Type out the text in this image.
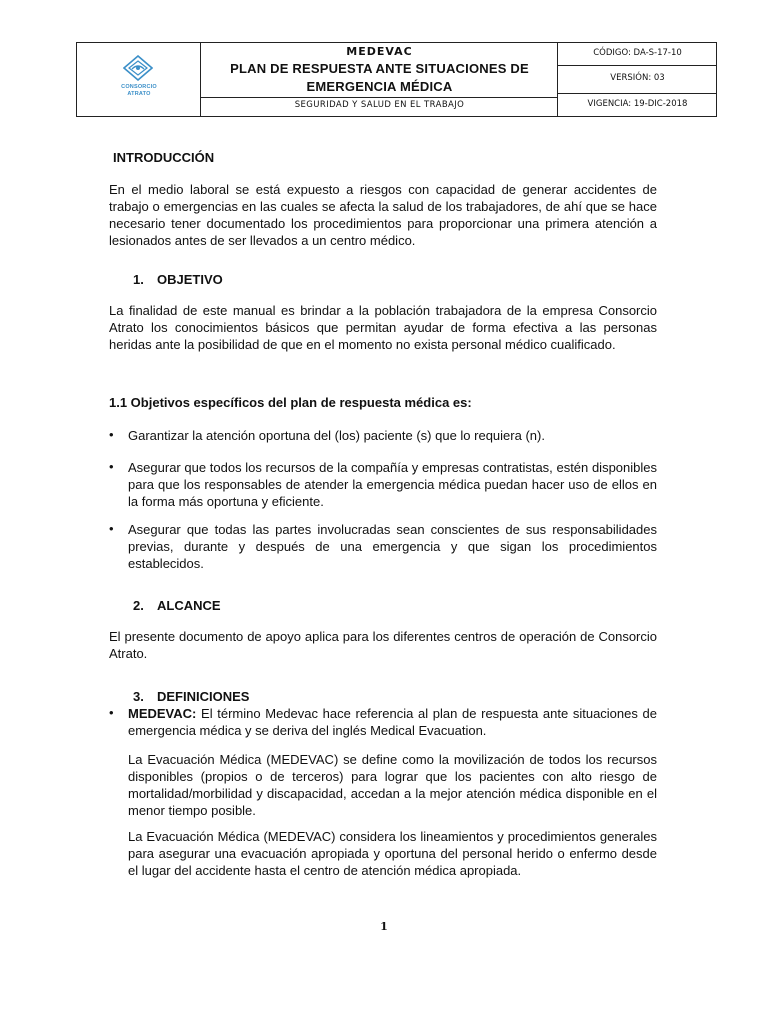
CONSORCIO
ATRATO
MEDEVAC
PLAN DE RESPUESTA ANTE SITUACIONES DE
EMERGENCIA MÉDICA
SEGURIDAD Y SALUD EN EL TRABAJO
CÓDIGO: DA-S-17-10
VERSIÓN: 03
VIGENCIA: 19-DIC-2018
INTRODUCCIÓN
En el medio laboral se está expuesto a riesgos con capacidad de generar accidentes de trabajo o emergencias en las cuales se afecta la salud de los trabajadores, de ahí que se hace necesario tener documentado los procedimientos para proporcionar una primera atención a lesionados antes de ser llevados a un centro médico.
1. OBJETIVO
La finalidad de este manual es brindar a la población trabajadora de la empresa Consorcio Atrato los conocimientos básicos que permitan ayudar de forma efectiva a las personas heridas ante la posibilidad de que en el momento no exista personal médico cualificado.
1.1 Objetivos específicos del plan de respuesta médica es:
• Garantizar la atención oportuna del (los) paciente (s) que lo requiera (n).
• Asegurar que todos los recursos de la compañía y empresas contratistas, estén disponibles para que los responsables de atender la emergencia médica puedan hacer uso de ellos en la forma más oportuna y eficiente.
• Asegurar que todas las partes involucradas sean conscientes de sus responsabilidades previas, durante y después de una emergencia y que sigan los procedimientos establecidos.
2. ALCANCE
El presente documento de apoyo aplica para los diferentes centros de operación de Consorcio Atrato.
3. DEFINICIONES
• MEDEVAC: El término Medevac hace referencia al plan de respuesta ante situaciones de emergencia médica y se deriva del inglés Medical Evacuation.
La Evacuación Médica (MEDEVAC) se define como la movilización de todos los recursos disponibles (propios o de terceros) para lograr que los pacientes con alto riesgo de mortalidad/morbilidad y discapacidad, accedan a la mejor atención médica disponible en el menor tiempo posible.
La Evacuación Médica (MEDEVAC) considera los lineamientos y procedimientos generales para asegurar una evacuación apropiada y oportuna del personal herido o enfermo desde el lugar del accidente hasta el centro de atención médica apropiada.
1
